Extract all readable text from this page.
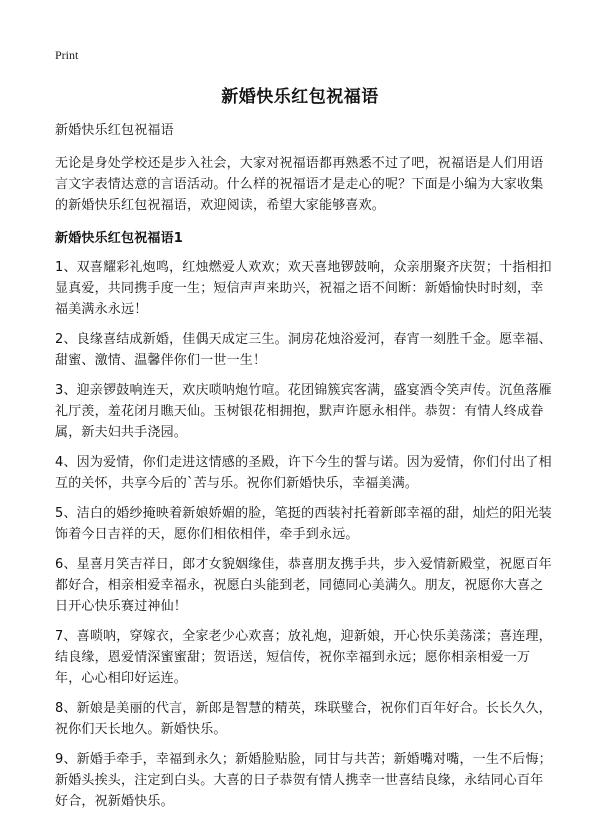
Print
新婚快乐红包祝福语

新婚快乐红包祝福语

无论是身处学校还是步入社会，大家对祝福语都再熟悉不过了吧，祝福语是人们用语言文字表情达意的言语活动。什么样的祝福语才是走心的呢？下面是小编为大家收集的新婚快乐红包祝福语，欢迎阅读，希望大家能够喜欢。

新婚快乐红包祝福语1

1、双喜耀彩礼炮鸣，红烛燃爱人欢欢；欢天喜地锣鼓响，众亲朋聚齐庆贺；十指相扣显真爱，共同携手度一生；短信声声来助兴，祝福之语不间断：新婚愉快时时刻，幸福美满永永远！

2、良缘喜结成新婚，佳偶天成定三生。洞房花烛浴爱河，春宵一刻胜千金。愿幸福、甜蜜、激情、温馨伴你们一世一生！

3、迎亲锣鼓响连天，欢庆唢呐炮竹喧。花团锦簇宾客满，盛宴酒令笑声传。沉鱼落雁礼厅羡，羞花闭月瞧天仙。玉树银花相拥抱，默声许愿永相伴。恭贺：有情人终成眷属，新夫妇共手浇园。

4、因为爱情，你们走进这情感的圣殿，许下今生的誓与诺。因为爱情，你们付出了相互的关怀，共享今后的`苦与乐。祝你们新婚快乐，幸福美满。

5、洁白的婚纱掩映着新娘娇媚的脸，笔挺的西装衬托着新郎幸福的甜，灿烂的阳光装饰着今日吉祥的天，愿你们相依相伴，牵手到永远。

6、星喜月笑吉祥日，郎才女貌姻缘佳，恭喜朋友携手共，步入爱情新殿堂，祝愿百年都好合，相亲相爱幸福永，祝愿白头能到老，同德同心美满久。朋友，祝愿你大喜之日开心快乐赛过神仙！

7、喜唢呐，穿嫁衣，全家老少心欢喜；放礼炮，迎新娘，开心快乐美荡漾；喜连理，结良缘，恩爱情深蜜蜜甜；贺语送，短信传，祝你幸福到永远；愿你相亲相爱一万年，心心相印好运连。

8、新娘是美丽的代言，新郎是智慧的精英，珠联璧合，祝你们百年好合。长长久久，祝你们天长地久。新婚快乐。

9、新婚手牵手，幸福到永久；新婚脸贴脸，同甘与共苦；新婚嘴对嘴，一生不后悔；新婚头挨头，注定到白头。大喜的日子恭贺有情人携幸一世喜结良缘，永结同心百年好合，祝新婚快乐。
